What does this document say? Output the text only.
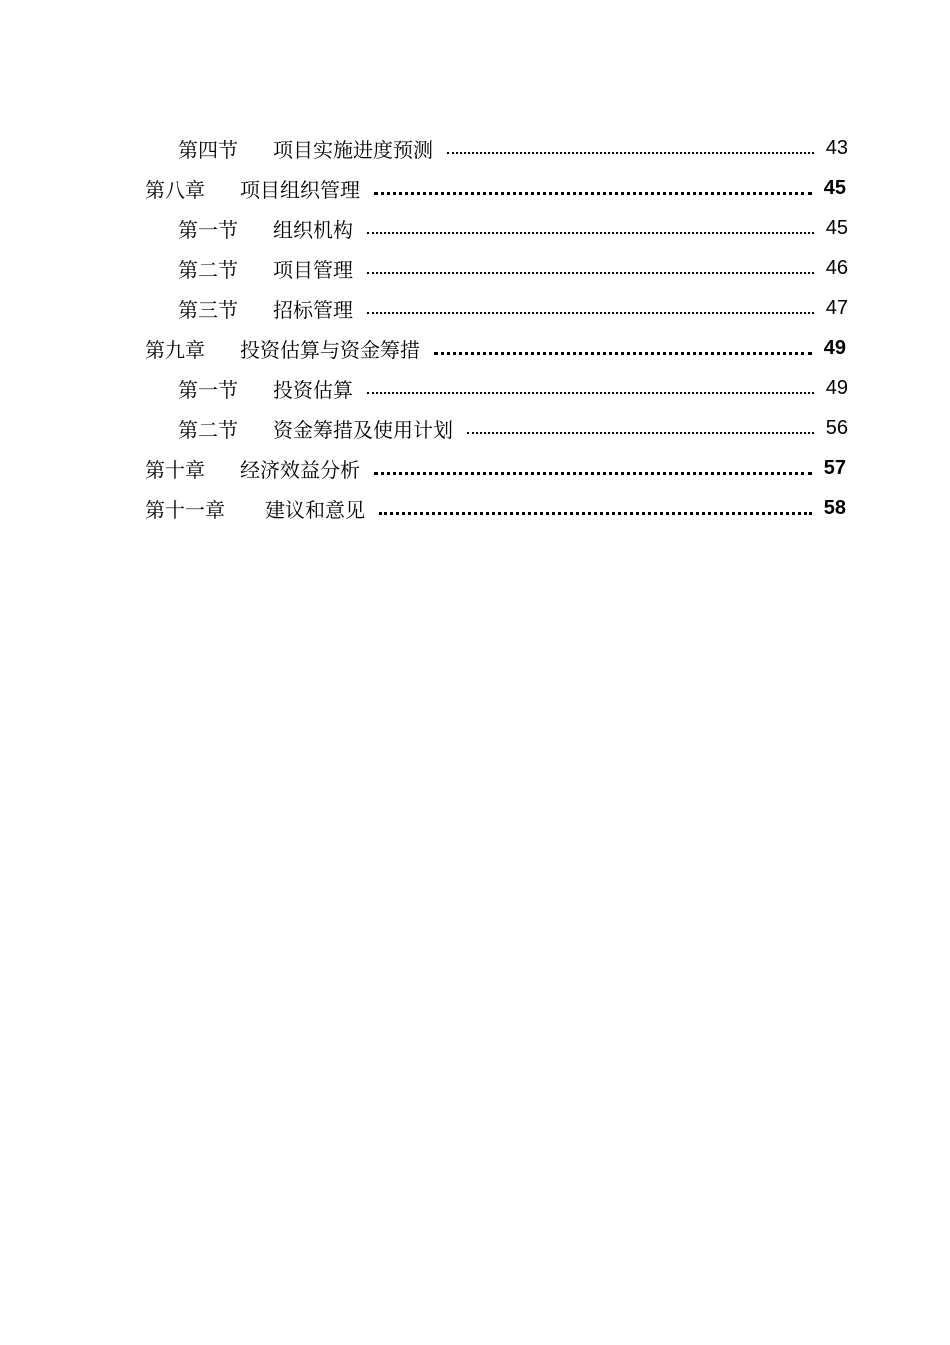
第四节	项目实施进度预测	43
第八章	项目组织管理	45
第一节	组织机构	45
第二节	项目管理	46
第三节	招标管理	47
第九章	投资估算与资金筹措	49
第一节	投资估算	49
第二节	资金筹措及使用计划	56
第十章	经济效益分析	57
第十一章	建议和意见	58
